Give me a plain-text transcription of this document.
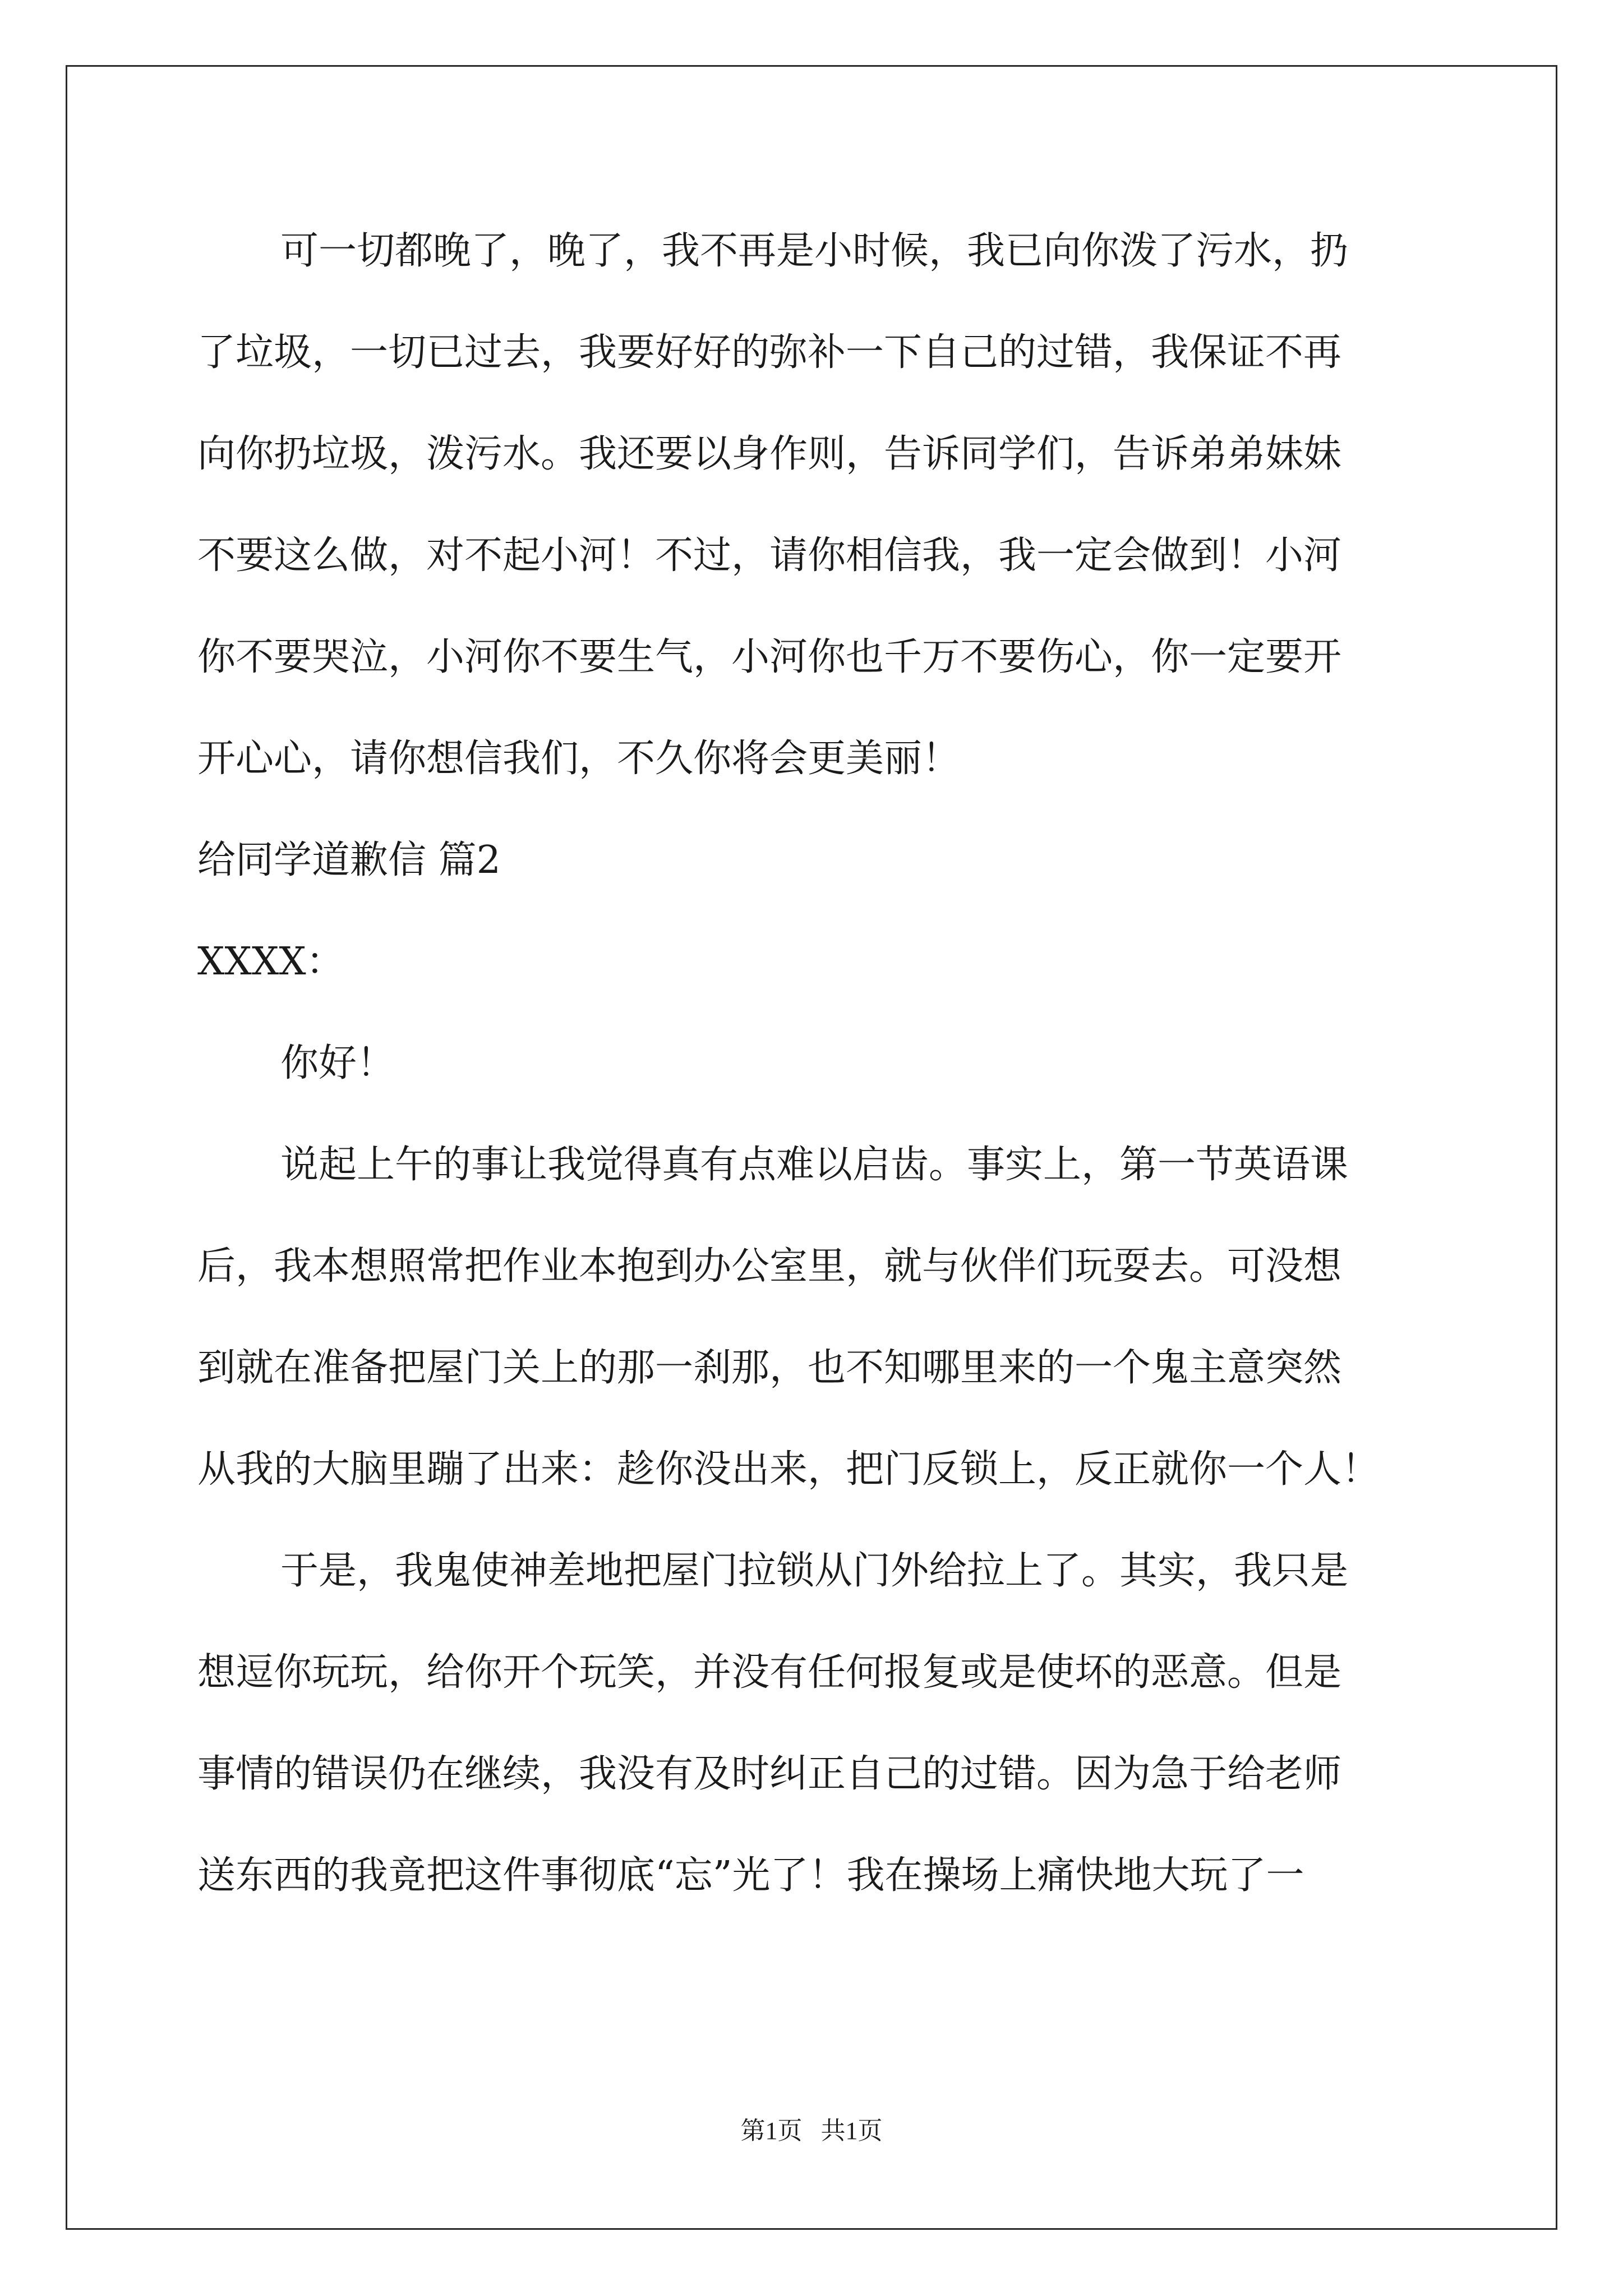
可一切都晚了，晚了，我不再是小时候，我已向你泼了污水，扔
了垃圾，一切已过去，我要好好的弥补一下自己的过错，我保证不再
向你扔垃圾，泼污水。我还要以身作则，告诉同学们，告诉弟弟妹妹
不要这么做，对不起小河！不过，请你相信我，我一定会做到！小河
你不要哭泣，小河你不要生气，小河你也千万不要伤心，你一定要开
开心心，请你想信我们，不久你将会更美丽！
给同学道歉信 篇2
XXXX：
你好！
说起上午的事让我觉得真有点难以启齿。事实上，第一节英语课
后，我本想照常把作业本抱到办公室里，就与伙伴们玩耍去。可没想
到就在准备把屋门关上的那一刹那，也不知哪里来的一个鬼主意突然
从我的大脑里蹦了出来：趁你没出来，把门反锁上，反正就你一个人！
于是，我鬼使神差地把屋门拉锁从门外给拉上了。其实，我只是
想逗你玩玩，给你开个玩笑，并没有任何报复或是使坏的恶意。但是
事情的错误仍在继续，我没有及时纠正自己的过错。因为急于给老师
送东西的我竟把这件事彻底“忘”光了！我在操场上痛快地大玩了一
第1页   共1页
